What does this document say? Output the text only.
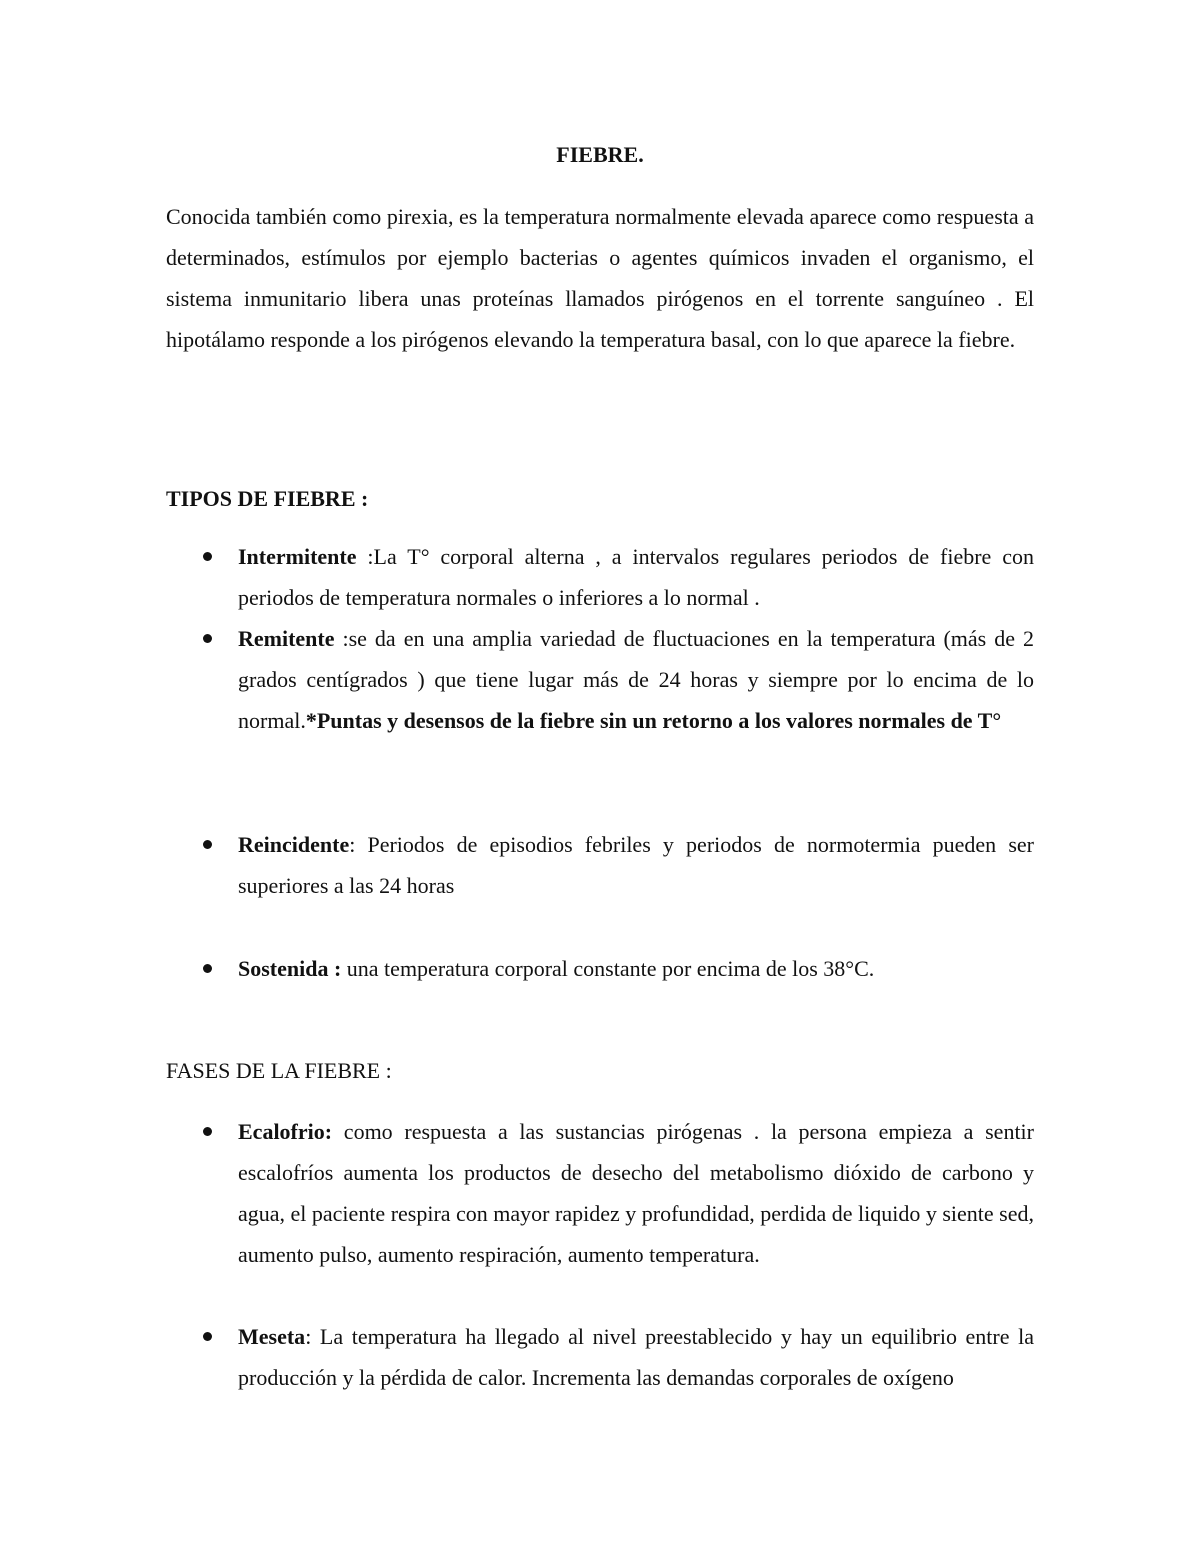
FIEBRE.

Conocida también como pirexia, es la temperatura normalmente elevada aparece como respuesta a determinados, estímulos por ejemplo bacterias o agentes químicos invaden el organismo, el sistema inmunitario libera unas proteínas llamados pirógenos en el torrente sanguíneo . El hipotálamo responde a los pirógenos elevando la temperatura basal, con lo que aparece la fiebre.

TIPOS DE FIEBRE :
Intermitente :La T° corporal alterna , a intervalos regulares periodos de fiebre con periodos de temperatura normales o inferiores a lo normal .
Remitente :se da en una amplia variedad de fluctuaciones en la temperatura (más de 2 grados centígrados ) que tiene lugar más de 24 horas y siempre por lo encima de lo normal.*Puntas y desensos de la fiebre sin un retorno a los valores normales de T°
Reincidente: Periodos de episodios febriles y periodos de normotermia pueden ser superiores a las 24 horas
Sostenida : una temperatura corporal constante por encima de los 38°C.
FASES DE LA FIEBRE :
Ecalofrio: como respuesta a las sustancias pirógenas . la persona empieza a sentir escalofríos aumenta los productos de desecho del metabolismo dióxido de carbono y agua, el paciente respira con mayor rapidez y profundidad, perdida de liquido y siente sed, aumento pulso, aumento respiración, aumento temperatura.
Meseta: La temperatura ha llegado al nivel preestablecido y hay un equilibrio entre la producción y la pérdida de calor. Incrementa las demandas corporales de oxígeno
